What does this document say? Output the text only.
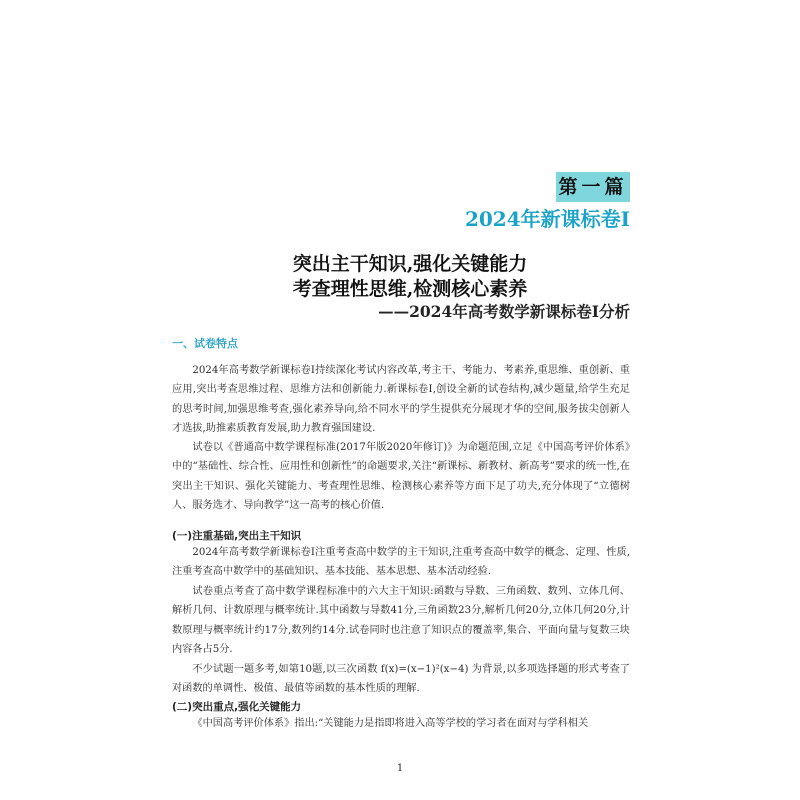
第一篇
2024年新课标卷Ⅰ
突出主干知识,强化关键能力
考查理性思维,检测核心素养
——2024年高考数学新课标卷Ⅰ分析
一、试卷特点

2024年高考数学新课标卷Ⅰ持续深化考试内容改革,考主干、考能力、考素养,重思维、重创新、重应用,突出考查思维过程、思维方法和创新能力.新课标卷Ⅰ,创设全新的试卷结构,减少题量,给学生充足的思考时间,加强思维考查,强化素养导向,给不同水平的学生提供充分展现才华的空间,服务拔尖创新人才选拔,助推素质教育发展,助力教育强国建设.

试卷以《普通高中数学课程标准(2017年版2020年修订)》为命题范围,立足《中国高考评价体系》中的“基础性、综合性、应用性和创新性”的命题要求,关注“新课标、新教材、新高考”要求的统一性,在突出主干知识、强化关键能力、考查理性思维、检测核心素养等方面下足了功夫,充分体现了“立德树人、服务选才、导向教学”这一高考的核心价值.

(一)注重基础,突出主干知识

2024年高考数学新课标卷Ⅰ注重考查高中数学的主干知识,注重考查高中数学的概念、定理、性质,注重考查高中数学中的基础知识、基本技能、基本思想、基本活动经验.

试卷重点考查了高中数学课程标准中的六大主干知识:函数与导数、三角函数、数列、立体几何、解析几何、计数原理与概率统计.其中函数与导数41分,三角函数23分,解析几何20分,立体几何20分,计数原理与概率统计约17分,数列约14分.试卷同时也注意了知识点的覆盖率,集合、平面向量与复数三块内容各占5分.

不少试题一题多考,如第10题,以三次函数 f(x)=(x−1)²(x−4) 为背景,以多项选择题的形式考查了对函数的单调性、极值、最值等函数的基本性质的理解.

(二)突出重点,强化关键能力

《中国高考评价体系》指出:“关键能力是指即将进入高等学校的学习者在面对与学科相关

1
